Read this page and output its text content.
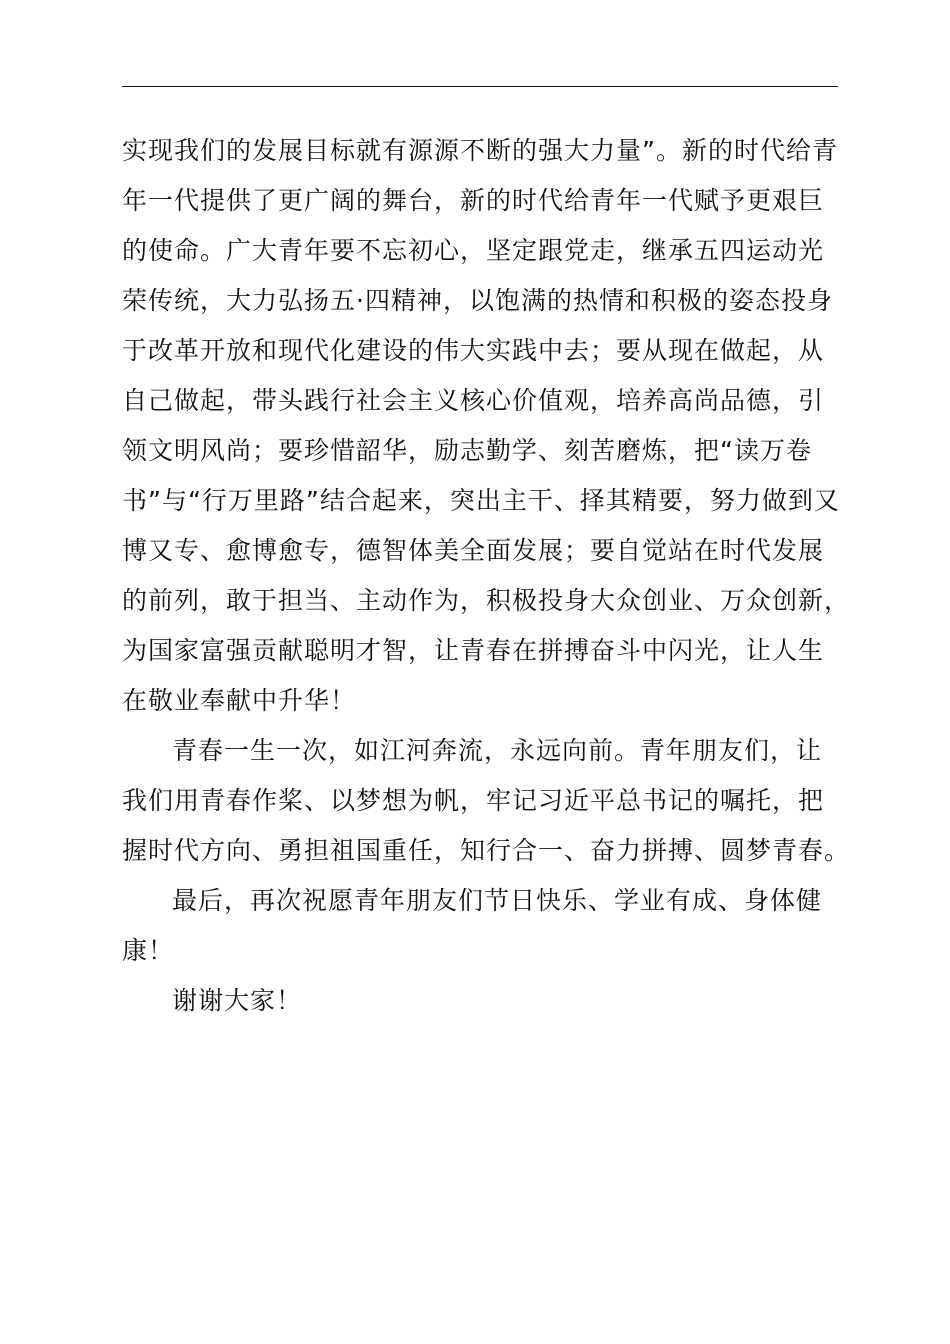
实现我们的发展目标就有源源不断的强大力量”。新的时代给青
年一代提供了更广阔的舞台，新的时代给青年一代赋予更艰巨
的使命。广大青年要不忘初心，坚定跟党走，继承五四运动光
荣传统，大力弘扬五·四精神，以饱满的热情和积极的姿态投身
于改革开放和现代化建设的伟大实践中去；要从现在做起，从
自己做起，带头践行社会主义核心价值观，培养高尚品德，引
领文明风尚；要珍惜韶华，励志勤学、刻苦磨炼，把“读万卷
书”与“行万里路”结合起来，突出主干、择其精要，努力做到又
博又专、愈博愈专，德智体美全面发展；要自觉站在时代发展
的前列，敢于担当、主动作为，积极投身大众创业、万众创新，
为国家富强贡献聪明才智，让青春在拼搏奋斗中闪光，让人生
在敬业奉献中升华！
青春一生一次，如江河奔流，永远向前。青年朋友们，让
我们用青春作桨、以梦想为帆，牢记习近平总书记的嘱托，把
握时代方向、勇担祖国重任，知行合一、奋力拼搏、圆梦青春。
最后，再次祝愿青年朋友们节日快乐、学业有成、身体健
康！
谢谢大家！
